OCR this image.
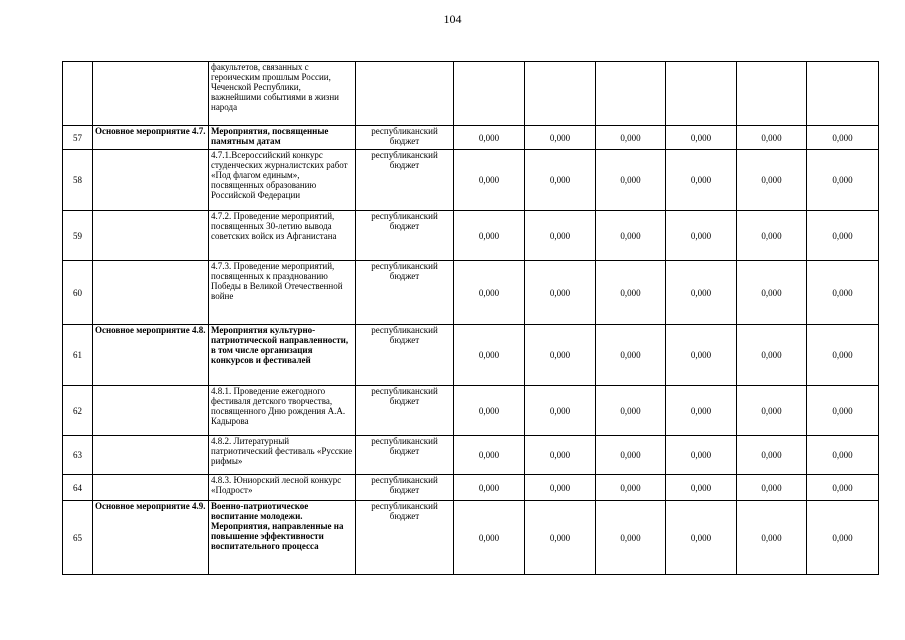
104
		факультетов, связанных с героическим прошлым России, Чеченской Республики, важнейшими событиями в жизни народа							
57	Основное мероприятие 4.7.	Мероприятия, посвященные памятным датам	республиканский бюджет	0,000	0,000	0,000	0,000	0,000	0,000
58		4.7.1.Всероссийский конкурс студенческих журналистских работ «Под флагом единым», посвященных образованию Российской Федерации	республиканский бюджет	0,000	0,000	0,000	0,000	0,000	0,000
59		4.7.2. Проведение мероприятий, посвященных 30-летию вывода советских войск из Афганистана	республиканский бюджет	0,000	0,000	0,000	0,000	0,000	0,000
60		4.7.3. Проведение мероприятий, посвященных к празднованию Победы в Великой Отечественной войне	республиканский бюджет	0,000	0,000	0,000	0,000	0,000	0,000
61	Основное мероприятие 4.8.	Мероприятия культурно-патриотической направленности, в том числе организация конкурсов и фестивалей	республиканский бюджет	0,000	0,000	0,000	0,000	0,000	0,000
62		4.8.1. Проведение ежегодного фестиваля детского творчества, посвященного Дню рождения А.А. Кадырова	республиканский бюджет	0,000	0,000	0,000	0,000	0,000	0,000
63		4.8.2. Литературный патриотический фестиваль «Русские рифмы»	республиканский бюджет	0,000	0,000	0,000	0,000	0,000	0,000
64		4.8.3. Юниорский лесной конкурс «Подрост»	республиканский бюджет	0,000	0,000	0,000	0,000	0,000	0,000
65	Основное мероприятие 4.9.	Военно-патриотическое воспитание молодежи. Мероприятия, направленные на повышение эффективности воспитательного процесса	республиканский бюджет	0,000	0,000	0,000	0,000	0,000	0,000
